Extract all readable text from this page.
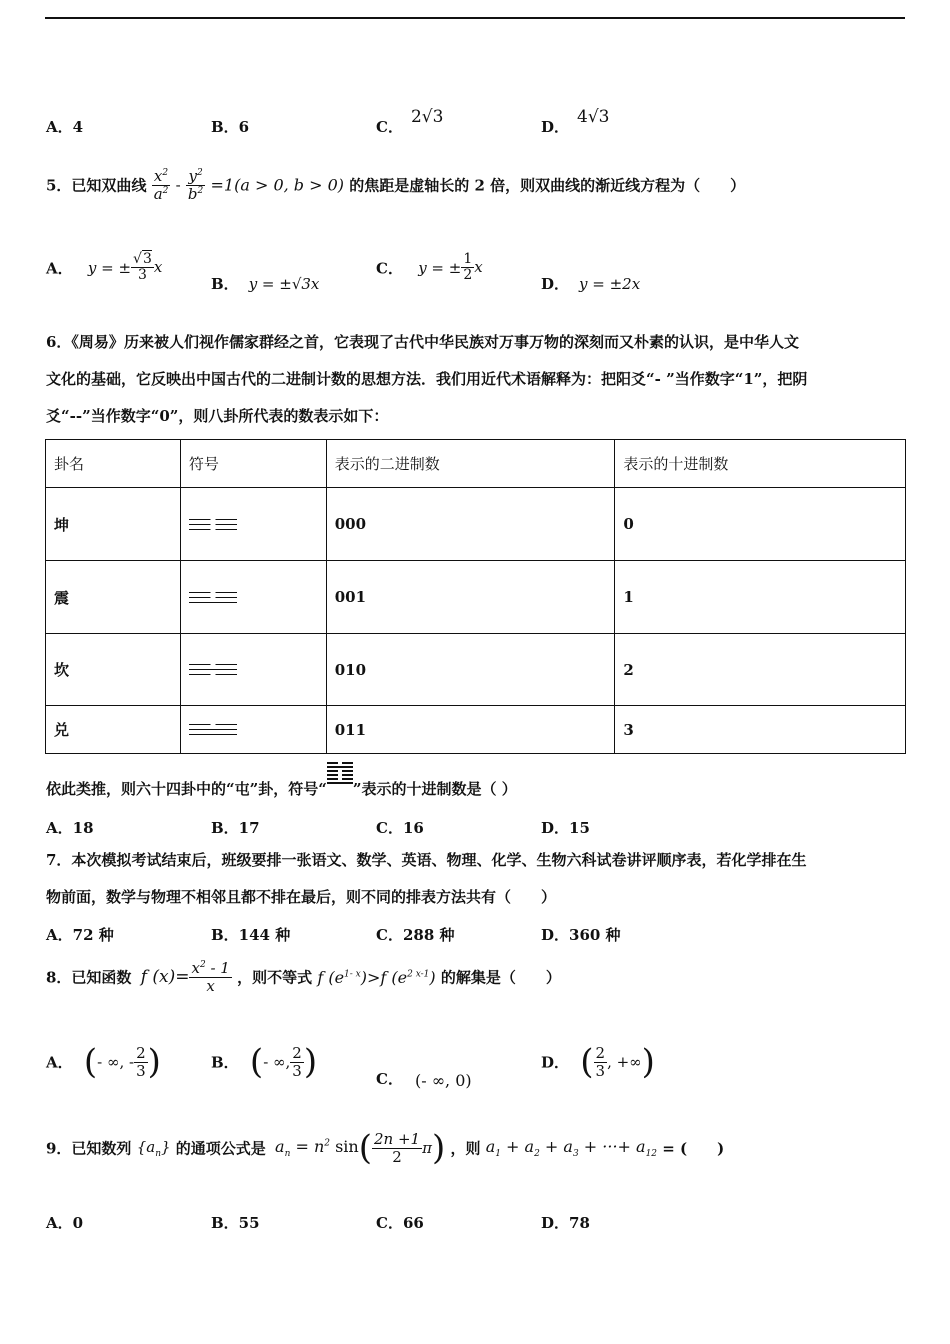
A．4	B．6	C． 2√3	D． 4√3
5．已知双曲线 $\frac{x^2}{a^2} - \frac{y^2}{b^2} =1(a > 0$, b > 0) 的焦距是虚轴长的 2 倍，则双曲线的渐近线方程为（　　）
A． y = ± $\frac{√3}{3}$ x
B． y = ±√3x
C． y = ± $\frac{1}{2}$ x
D． y = ±2x
6．《周易》历来被人们视作儒家群经之首，它表现了古代中华民族对万事万物的深刻而又朴素的认识，是中华人文
文化的基础，它反映出中国古代的二进制计数的思想方法．我们用近代术语解释为：把阳爻“- ”当作数字“1”，把阴
爻“--”当作数字“0”，则八卦所代表的数表示如下：
卦名	符号	表示的二进制数	表示的十进制数
坤		000	0
震		001	1
坎		010	2
兑		011	3
依此类推，则六十四卦中的“屯”卦，符号“ ”表示的十进制数是（ ）
A．18	B．17	C．16	D．15
7．本次模拟考试结束后，班级要排一张语文、数学、英语、物理、化学、生物六科试卷讲评顺序表，若化学排在生
物前面，数学与物理不相邻且都不排在最后，则不同的排表方法共有（　　）
A．72 种	B．144 种	C．288 种	D．360 种
8．已知函数 f $(x)= \frac{x^2 - 1}{x}$ ，则不等式 f $(e^{1- x})>f$ $(e^{2 x-1})$ 的解集是（　　）
A． (- ∞, - $\frac{2}{3}$ )	B． (- ∞, $\frac{2}{3}$ )	C． (- ∞, 0)
D． ( $\frac{2}{3}$ , +∞)
9．已知数列 $\{a_n\}$ 的通项公式是 $a_n = n^2$ $\sin( \frac{2n +1}{2} \pi)$ ，则 $a_1 + a_2 + a_3$ + ···+ $a_{12}$ = (　　)
A．0	B．55	C．66	D．78
